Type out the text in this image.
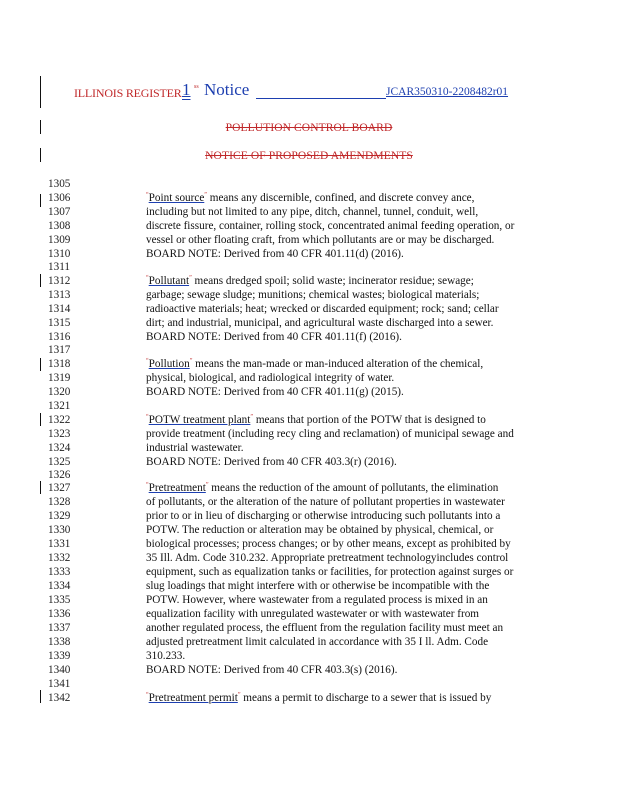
ILLINOIS REGISTER 1 ss Notice	JCAR350310-2208482r01
POLLUTION CONTROL BOARD
NOTICE OF PROPOSED AMENDMENTS
1305
1306
1307
1308
1309
1310
1311
1312
1313
1314
1315
1316
1317
1318
1319
1320
1321
1322
1323
1324
1325
1326
1327
1328
1329
1330
1331
1332
1333
1334
1335
1336
1337
1338
1339
1340
1341
1342
“Point source” means any discernible, confined, and discrete convey ance,
including but not limited to any pipe, ditch, channel, tunnel, conduit, well,
discrete fissure, container, rolling stock, concentrated animal feeding operation, or
vessel or other floating craft, from which pollutants are or may be discharged.
BOARD NOTE: Derived from 40 CFR 401.11(d) (2016).
“Pollutant” means dredged spoil; solid waste; incinerator residue; sewage;
garbage; sewage sludge; munitions; chemical wastes; biological materials;
radioactive materials; heat; wrecked or discarded equipment; rock; sand; cellar
dirt; and industrial, municipal, and agricultural waste discharged into a sewer.
BOARD NOTE: Derived from 40 CFR 401.11(f) (2016).
“Pollution” means the man-made or man-induced alteration of the chemical,
physical, biological, and radiological integrity of water.
BOARD NOTE: Derived from 40 CFR 401.11(g) (2015).
“POTW treatment plant” means that portion of the POTW that is designed to
provide treatment (including recy cling and reclamation) of municipal sewage and
industrial wastewater.
BOARD NOTE: Derived from 40 CFR 403.3(r) (2016).
“Pretreatment” means the reduction of the amount of pollutants, the elimination
of pollutants, or the alteration of the nature of pollutant properties in wastewater
prior to or in lieu of discharging or otherwise introducing such pollutants into a
POTW. The reduction or alteration may be obtained by physical, chemical, or
biological processes; process changes; or by other means, except as prohibited by
35 Ill. Adm. Code 310.232. Appropriate pretreatment technologyincludes control
equipment, such as equalization tanks or facilities, for protection against surges or
slug loadings that might interfere with or otherwise be incompatible with the
POTW. However, where wastewater from a regulated process is mixed in an
equalization facility with unregulated wastewater or with wastewater from
another regulated process, the effluent from the regulation facility must meet an
adjusted pretreatment limit calculated in accordance with 35 I ll. Adm. Code
310.233.
BOARD NOTE: Derived from 40 CFR 403.3(s) (2016).
“Pretreatment permit” means a permit to discharge to a sewer that is issued by
